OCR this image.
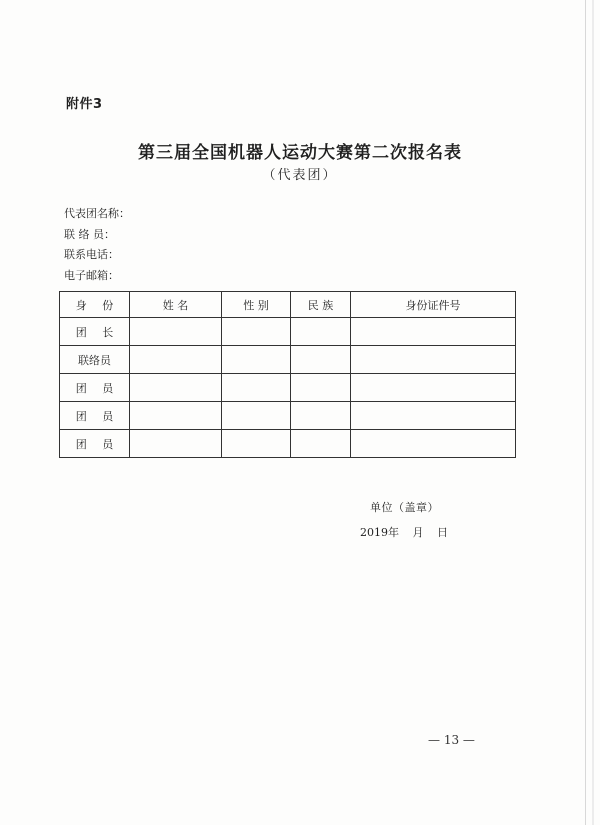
附件3
第三届全国机器人运动大赛第二次报名表
（代表团）
代表团名称：
联 络 员：
联系电话：
电子邮箱：
身 份	姓 名	性 别	民 族	身份证件号
团 长				
联络员				
团 员				
团 员				
团 员				
单位（盖章）
2019年 月 日
— 13 —
